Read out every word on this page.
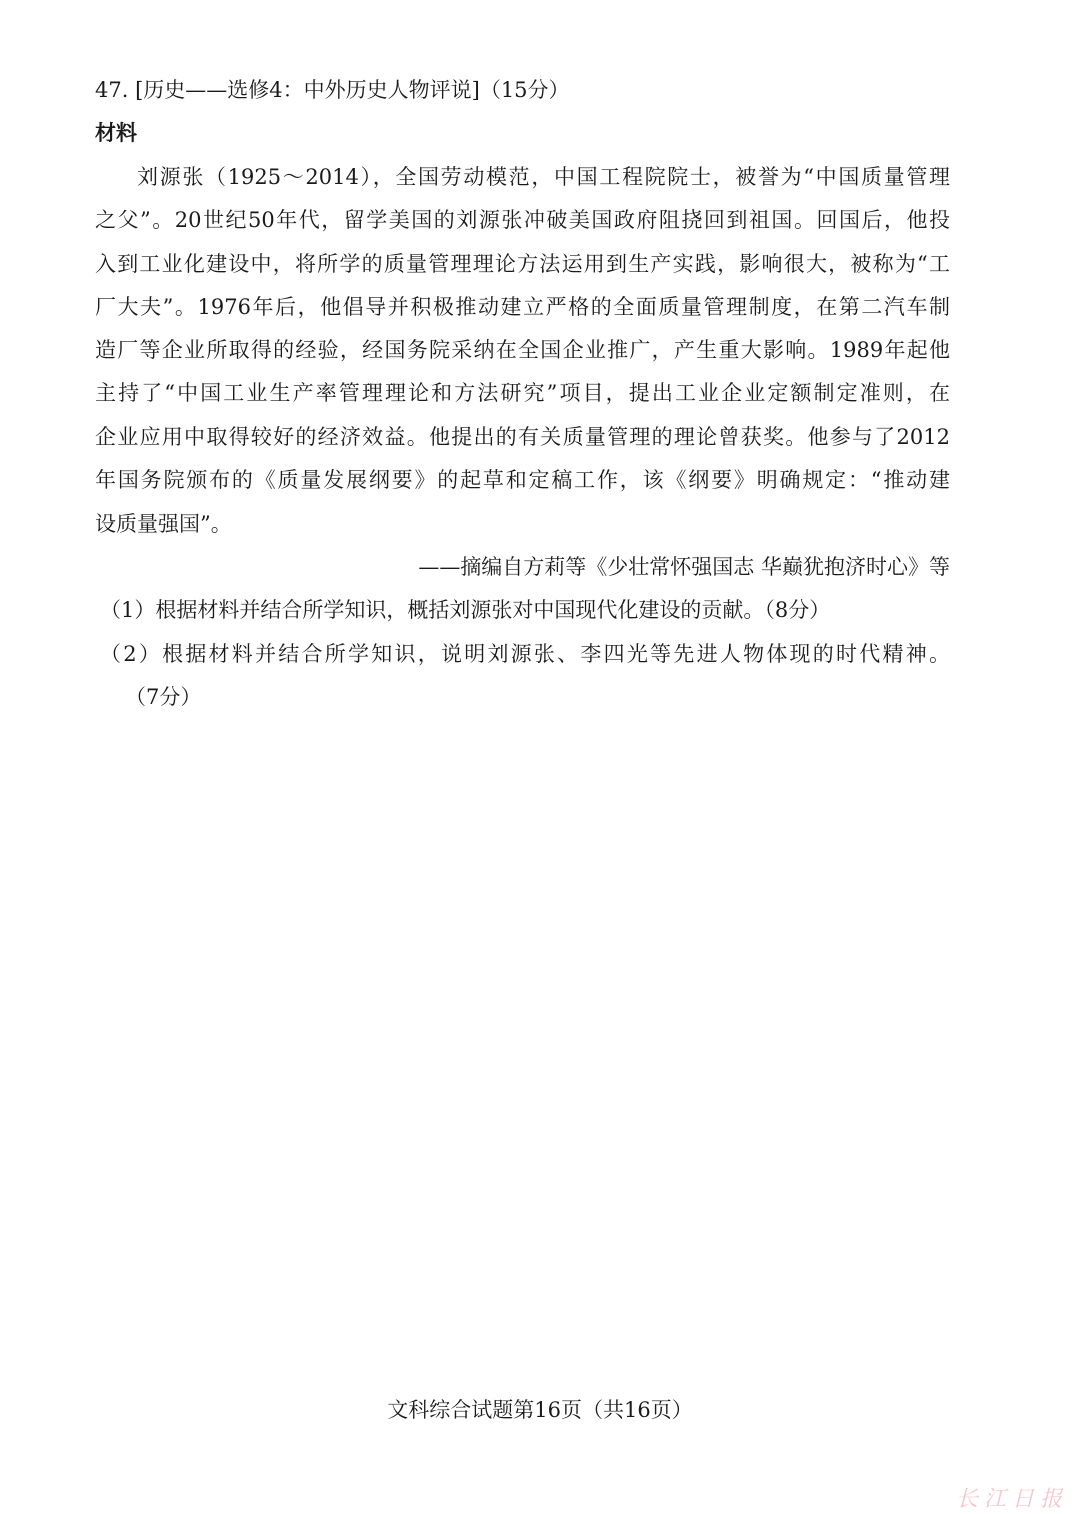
47. [历史——选修4：中外历史人物评说]（15分）
材料
刘源张（1925～2014），全国劳动模范，中国工程院院士，被誉为“中国质量管理
之父”。20世纪50年代，留学美国的刘源张冲破美国政府阻挠回到祖国。回国后，他投
入到工业化建设中，将所学的质量管理理论方法运用到生产实践，影响很大，被称为“工
厂大夫”。1976年后，他倡导并积极推动建立严格的全面质量管理制度，在第二汽车制
造厂等企业所取得的经验，经国务院采纳在全国企业推广，产生重大影响。1989年起他
主持了“中国工业生产率管理理论和方法研究”项目，提出工业企业定额制定准则，在
企业应用中取得较好的经济效益。他提出的有关质量管理的理论曾获奖。他参与了2012
年国务院颁布的《质量发展纲要》的起草和定稿工作，该《纲要》明确规定：“推动建
设质量强国”。
——摘编自方莉等《少壮常怀强国志 华巅犹抱济时心》等
（1）根据材料并结合所学知识，概括刘源张对中国现代化建设的贡献。（8分）
（2）根据材料并结合所学知识，说明刘源张、李四光等先进人物体现的时代精神。
（7分）
文科综合试题第16页（共16页）
长江日报
